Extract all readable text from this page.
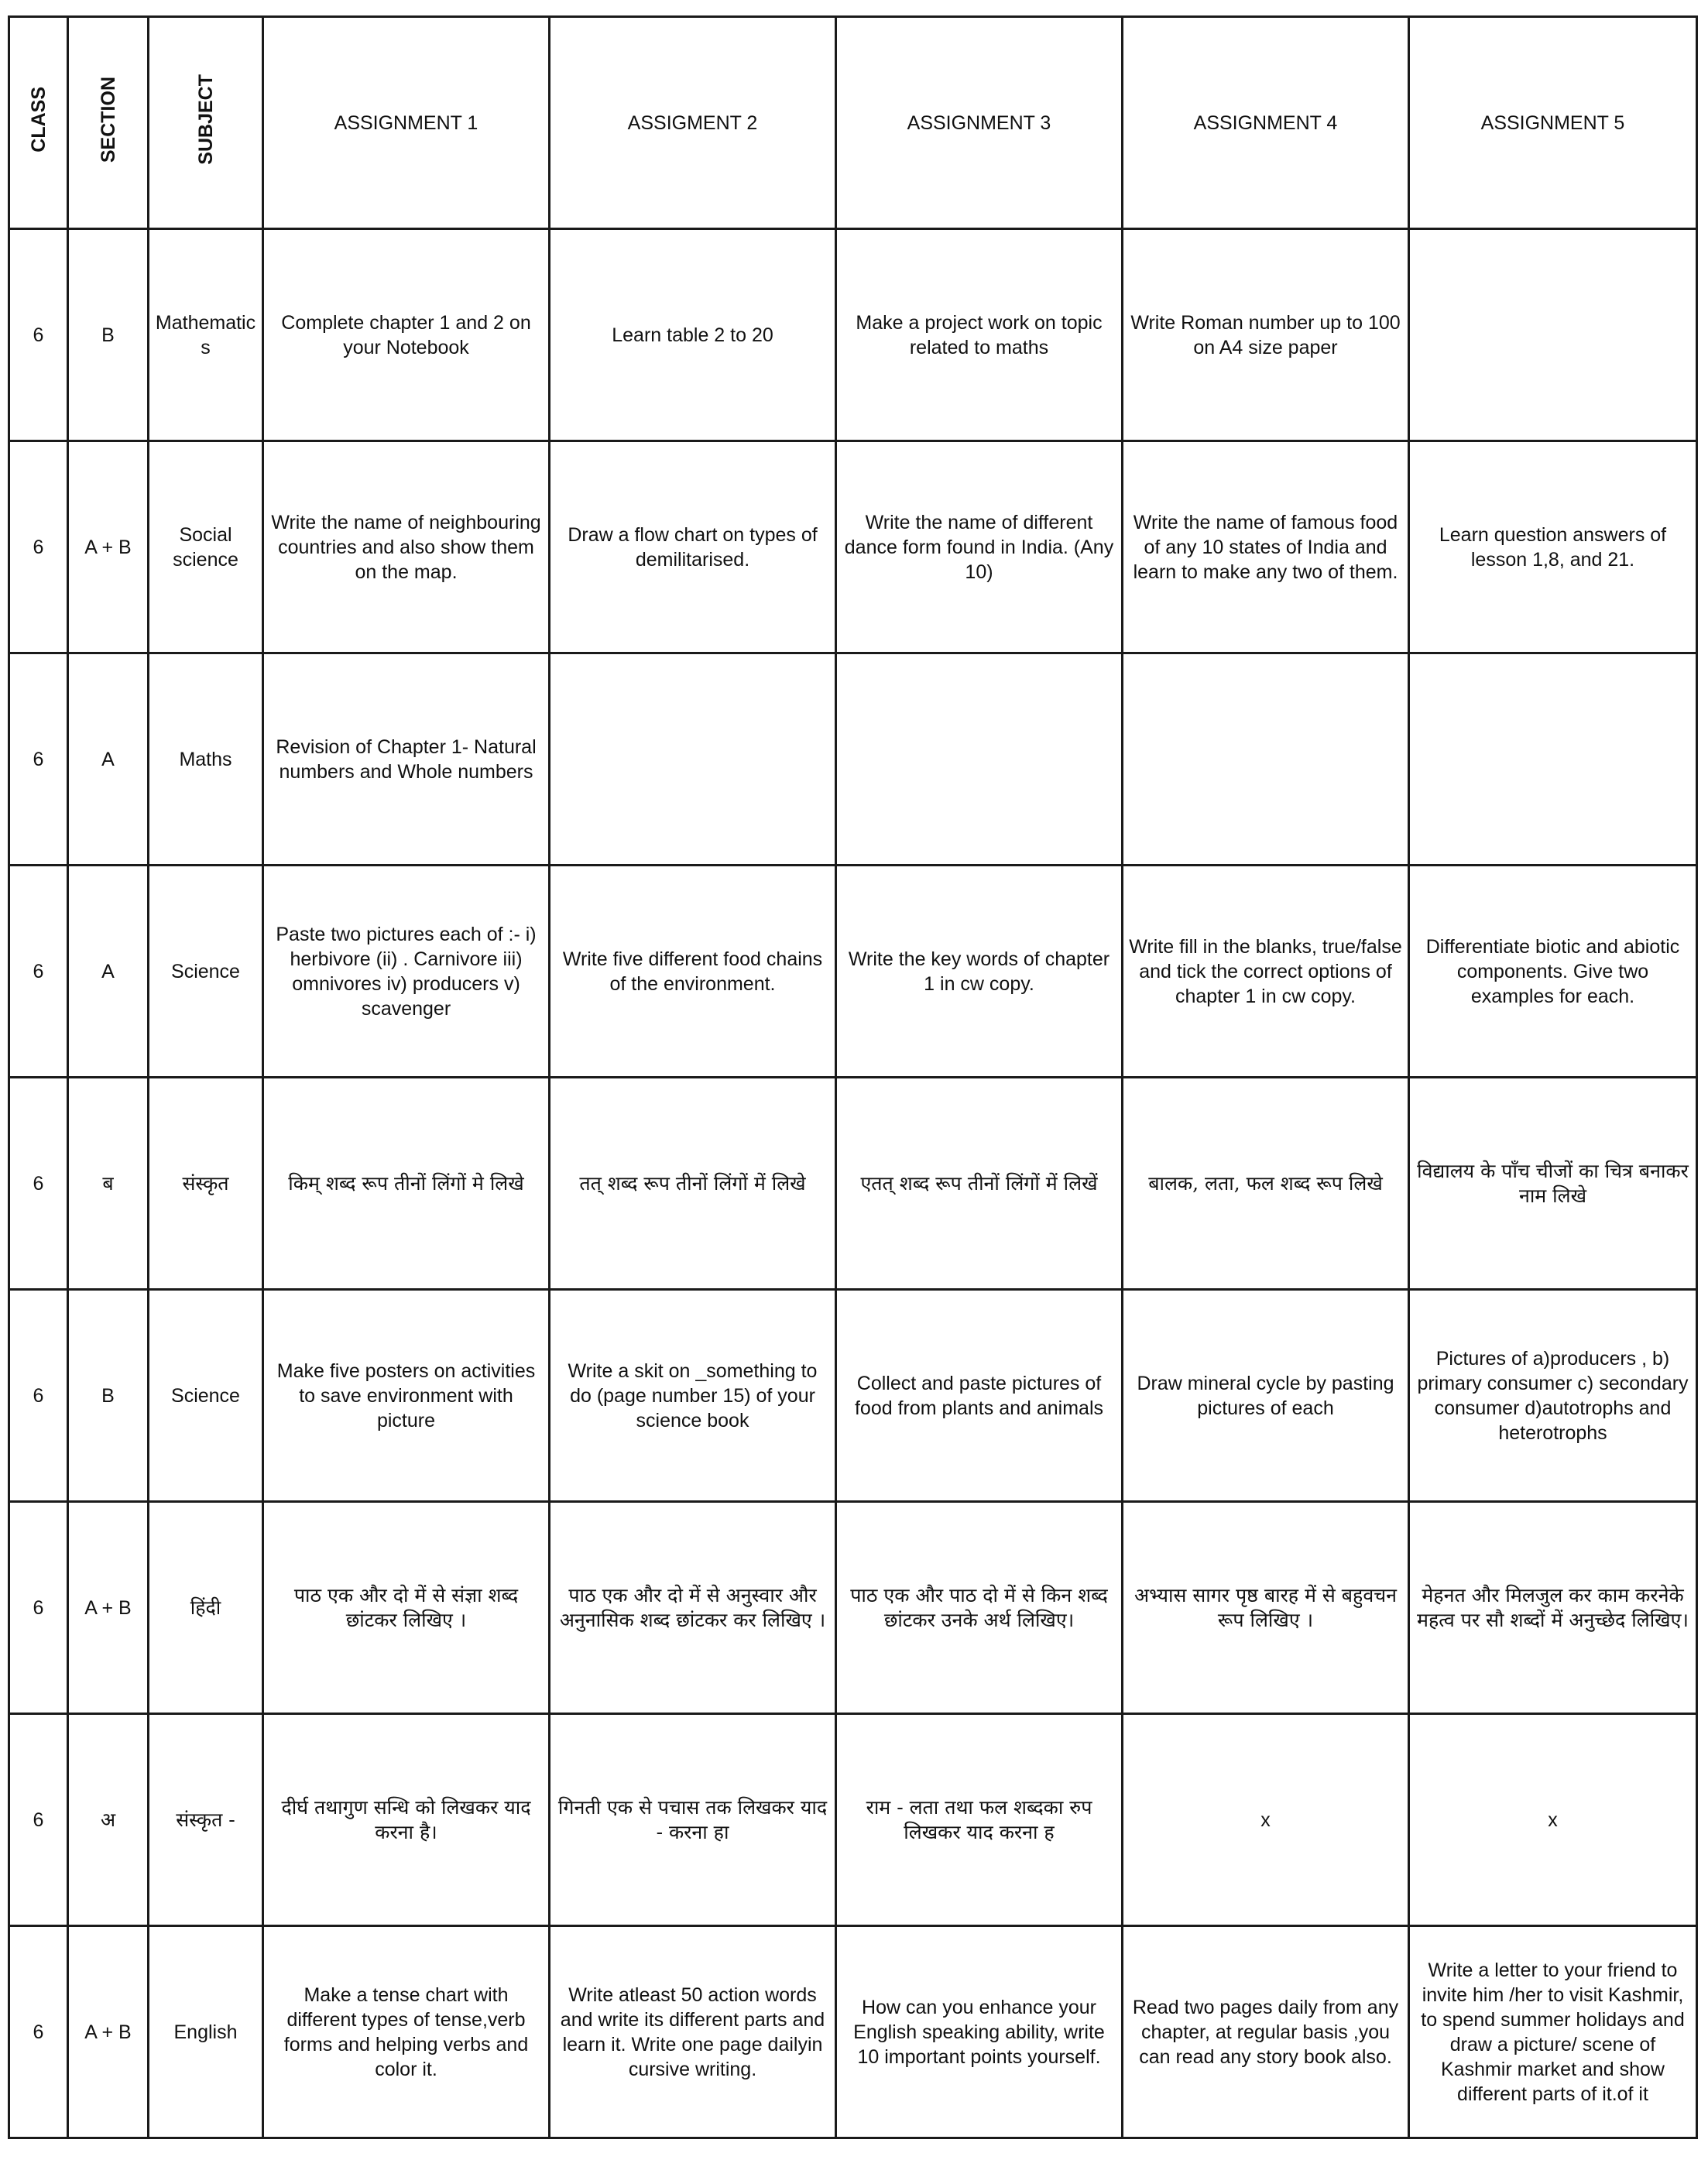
CLASS	SECTION	SUBJECT	ASSIGNMENT 1	ASSIGMENT 2	ASSIGNMENT 3	ASSIGNMENT 4	ASSIGNMENT 5
6	B	Mathematic s	Complete chapter 1 and 2 on your Notebook	Learn table 2 to 20	Make a project work on topic related to maths	Write Roman number up to 100 on A4 size paper	
6	A + B	Social science	Write the name of neighbouring countries and also show them on the map.	Draw a flow chart on types of demilitarised.	Write the name of different dance form found in India. (Any 10)	Write the name of famous food of any 10 states of India and learn to make any two of them.	Learn question answers of lesson 1,8, and 21.
6	A	Maths	Revision of Chapter 1- Natural numbers and Whole numbers				
6	A	Science	Paste two pictures each of :- i) herbivore (ii) . Carnivore iii) omnivores iv) producers v) scavenger	Write five different food chains of the environment.	Write the key words of chapter 1 in cw copy.	Write fill in the blanks, true/false and tick the correct options of chapter 1 in cw copy.	Differentiate biotic and abiotic components. Give two examples for each.
6	ब	संस्कृत	किम् शब्द रूप तीनों लिंगों मे लिखे	तत् शब्द रूप तीनों लिंगों में लिखे	एतत् शब्द रूप तीनों लिंगों में लिखें	बालक, लता, फल शब्द रूप लिखे	विद्यालय के पाँच चीजों का चित्र बनाकर नाम लिखे
6	B	Science	Make five posters on activities to save environment with picture	Write a skit on _something to do (page number 15) of your science book	Collect and paste pictures of food from plants and animals	Draw mineral cycle by pasting pictures of each	Pictures of a)producers , b) primary consumer c) secondary consumer d)autotrophs and heterotrophs
6	A + B	हिंदी	पाठ एक और दो में से संज्ञा शब्द छांटकर लिखिए ।	पाठ एक और दो में से अनुस्वार और अनुनासिक शब्द छांटकर कर लिखिए ।	पाठ एक और पाठ दो में से किन शब्द छांटकर उनके अर्थ लिखिए।	अभ्यास सागर पृष्ठ बारह में से बहुवचन रूप लिखिए ।	मेहनत और मिलजुल कर काम करनेके महत्व पर सौ शब्दों में अनुच्छेद लिखिए।
6	अ	संस्कृत -	दीर्घ तथागुण सन्धि को लिखकर याद करना है।	गिनती एक से पचास तक लिखकर याद - करना हा	राम - लता तथा फल शब्दका रुप लिखकर याद करना ह	x	x
6	A + B	English	Make a tense chart with different types of tense,verb forms and helping verbs and color it.	Write atleast 50 action words and write its different parts and learn it. Write one page dailyin cursive writing.	How can you enhance your English speaking ability, write 10 important points yourself.	Read two pages daily from any chapter, at regular basis ,you can read any story book also.	Write a letter to your friend to invite him /her to visit Kashmir, to spend summer holidays and draw a picture/ scene of Kashmir market and show different parts of it.of it
